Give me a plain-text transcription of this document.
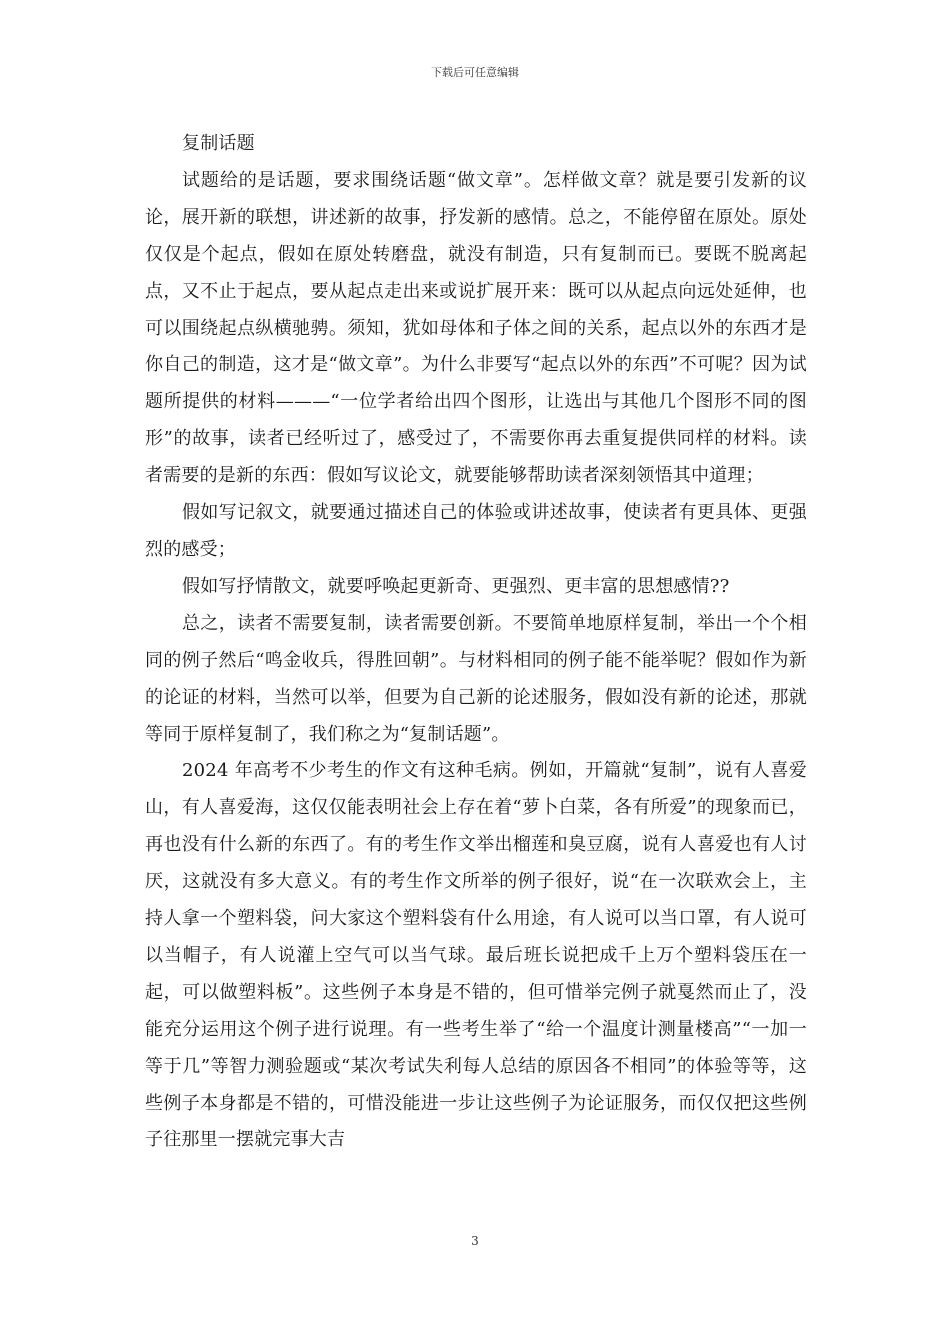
下载后可任意编辑

复制话题

试题给的是话题，要求围绕话题“做文章”。怎样做文章？就是要引发新的议论，展开新的联想，讲述新的故事，抒发新的感情。总之，不能停留在原处。原处仅仅是个起点，假如在原处转磨盘，就没有制造，只有复制而已。要既不脱离起点，又不止于起点，要从起点走出来或说扩展开来：既可以从起点向远处延伸，也可以围绕起点纵横驰骋。须知，犹如母体和子体之间的关系，起点以外的东西才是你自己的制造，这才是“做文章”。为什么非要写“起点以外的东西”不可呢？因为试题所提供的材料———“一位学者给出四个图形，让选出与其他几个图形不同的图形”的故事，读者已经听过了，感受过了，不需要你再去重复提供同样的材料。读者需要的是新的东西：假如写议论文，就要能够帮助读者深刻领悟其中道理；

假如写记叙文，就要通过描述自己的体验或讲述故事，使读者有更具体、更强烈的感受；

假如写抒情散文，就要呼唤起更新奇、更强烈、更丰富的思想感情??

总之，读者不需要复制，读者需要创新。不要简单地原样复制，举出一个个相同的例子然后“鸣金收兵，得胜回朝”。与材料相同的例子能不能举呢？假如作为新的论证的材料，当然可以举，但要为自己新的论述服务，假如没有新的论述，那就等同于原样复制了，我们称之为“复制话题”。

2024 年高考不少考生的作文有这种毛病。例如，开篇就“复制”，说有人喜爱山，有人喜爱海，这仅仅能表明社会上存在着“萝卜白菜，各有所爱”的现象而已，再也没有什么新的东西了。有的考生作文举出榴莲和臭豆腐，说有人喜爱也有人讨厌，这就没有多大意义。有的考生作文所举的例子很好，说“在一次联欢会上，主持人拿一个塑料袋，问大家这个塑料袋有什么用途，有人说可以当口罩，有人说可以当帽子，有人说灌上空气可以当气球。最后班长说把成千上万个塑料袋压在一起，可以做塑料板”。这些例子本身是不错的，但可惜举完例子就戛然而止了，没能充分运用这个例子进行说理。有一些考生举了“给一个温度计测量楼高”“一加一等于几”等智力测验题或“某次考试失利每人总结的原因各不相同”的体验等等，这些例子本身都是不错的，可惜没能进一步让这些例子为论证服务，而仅仅把这些例子往那里一摆就完事大吉

3
